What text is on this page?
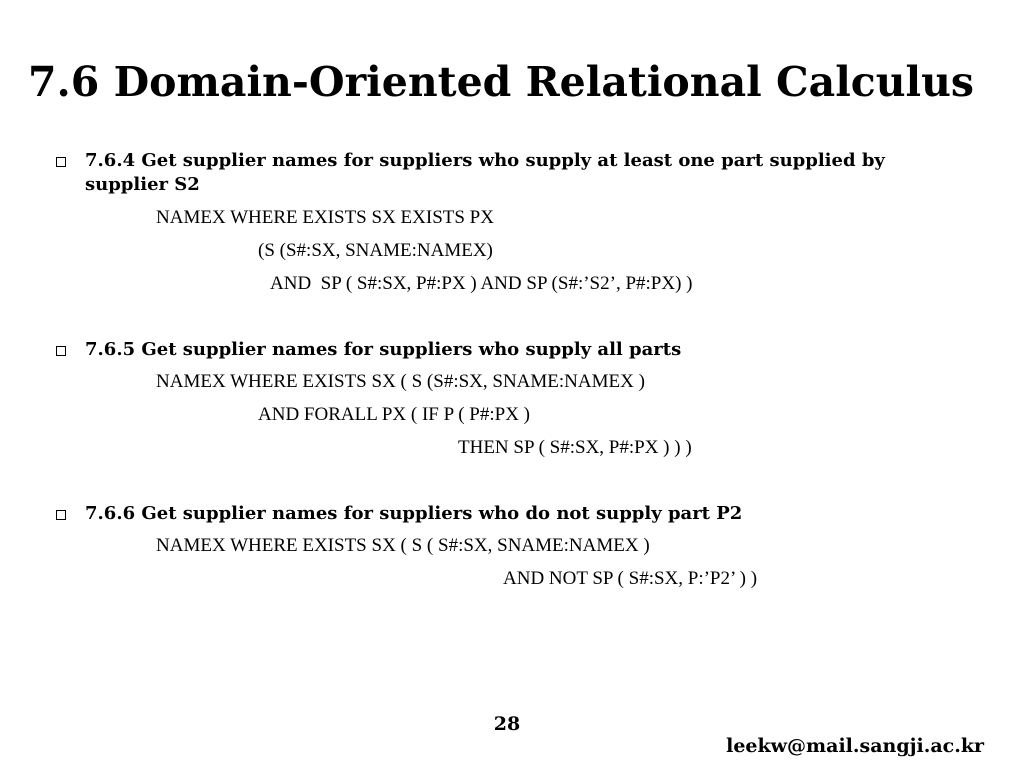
7.6 Domain-Oriented Relational Calculus
7.6.4 Get supplier names for suppliers who supply at least one part supplied by supplier S2
NAMEX WHERE EXISTS SX EXISTS PX
(S (S#:SX, SNAME:NAMEX)
AND  SP ( S#:SX, P#:PX ) AND SP (S#:’S2’, P#:PX) )
7.6.5 Get supplier names for suppliers who supply all parts
NAMEX WHERE EXISTS SX ( S (S#:SX, SNAME:NAMEX )
AND FORALL PX ( IF P ( P#:PX )
THEN SP ( S#:SX, P#:PX ) ) )
7.6.6 Get supplier names for suppliers who do not supply part P2
NAMEX WHERE EXISTS SX ( S ( S#:SX, SNAME:NAMEX )
AND NOT SP ( S#:SX, P:’P2’ ) )
28
leekw@mail.sangji.ac.kr
